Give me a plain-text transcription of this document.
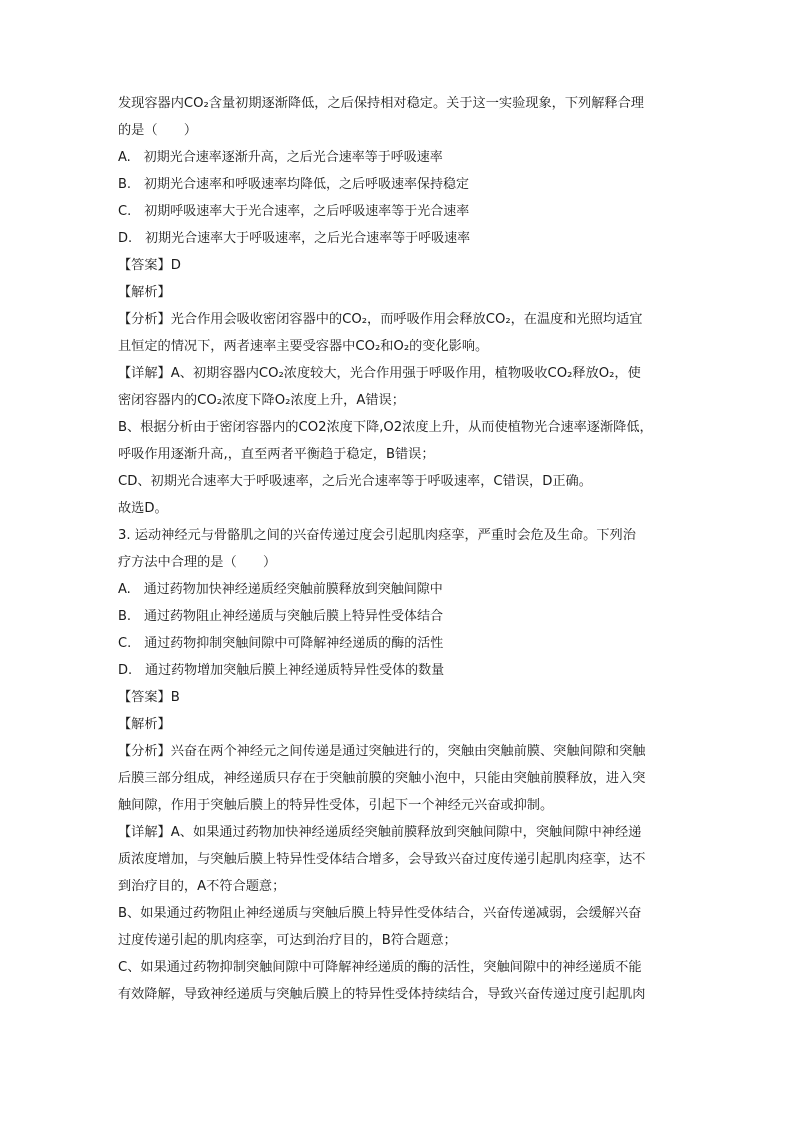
发现容器内CO₂含量初期逐渐降低，之后保持相对稳定。关于这一实验现象，下列解释合理
的是（　　）
A.　初期光合速率逐渐升高，之后光合速率等于呼吸速率
B.　初期光合速率和呼吸速率均降低，之后呼吸速率保持稳定
C.　初期呼吸速率大于光合速率，之后呼吸速率等于光合速率
D.　初期光合速率大于呼吸速率，之后光合速率等于呼吸速率
【答案】D
【解析】
【分析】光合作用会吸收密闭容器中的CO₂，而呼吸作用会释放CO₂，在温度和光照均适宜
且恒定的情况下，两者速率主要受容器中CO₂和O₂的变化影响。
【详解】A、初期容器内CO₂浓度较大，光合作用强于呼吸作用，植物吸收CO₂释放O₂，使
密闭容器内的CO₂浓度下降O₂浓度上升，A错误；
B、根据分析由于密闭容器内的CO2浓度下降,O2浓度上升，从而使植物光合速率逐渐降低，
呼吸作用逐渐升高,，直至两者平衡趋于稳定，B错误；
CD、初期光合速率大于呼吸速率，之后光合速率等于呼吸速率，C错误，D正确。
故选D。
3. 运动神经元与骨骼肌之间的兴奋传递过度会引起肌肉痉挛，严重时会危及生命。下列治
疗方法中合理的是（　　）
A.　通过药物加快神经递质经突触前膜释放到突触间隙中
B.　通过药物阻止神经递质与突触后膜上特异性受体结合
C.　通过药物抑制突触间隙中可降解神经递质的酶的活性
D.　通过药物增加突触后膜上神经递质特异性受体的数量
【答案】B
【解析】
【分析】兴奋在两个神经元之间传递是通过突触进行的，突触由突触前膜、突触间隙和突触
后膜三部分组成，神经递质只存在于突触前膜的突触小泡中，只能由突触前膜释放，进入突
触间隙，作用于突触后膜上的特异性受体，引起下一个神经元兴奋或抑制。
【详解】A、如果通过药物加快神经递质经突触前膜释放到突触间隙中，突触间隙中神经递
质浓度增加，与突触后膜上特异性受体结合增多，会导致兴奋过度传递引起肌肉痉挛，达不
到治疗目的，A不符合题意；
B、如果通过药物阻止神经递质与突触后膜上特异性受体结合，兴奋传递减弱，会缓解兴奋
过度传递引起的肌肉痉挛，可达到治疗目的，B符合题意；
C、如果通过药物抑制突触间隙中可降解神经递质的酶的活性，突触间隙中的神经递质不能
有效降解，导致神经递质与突触后膜上的特异性受体持续结合，导致兴奋传递过度引起肌肉
